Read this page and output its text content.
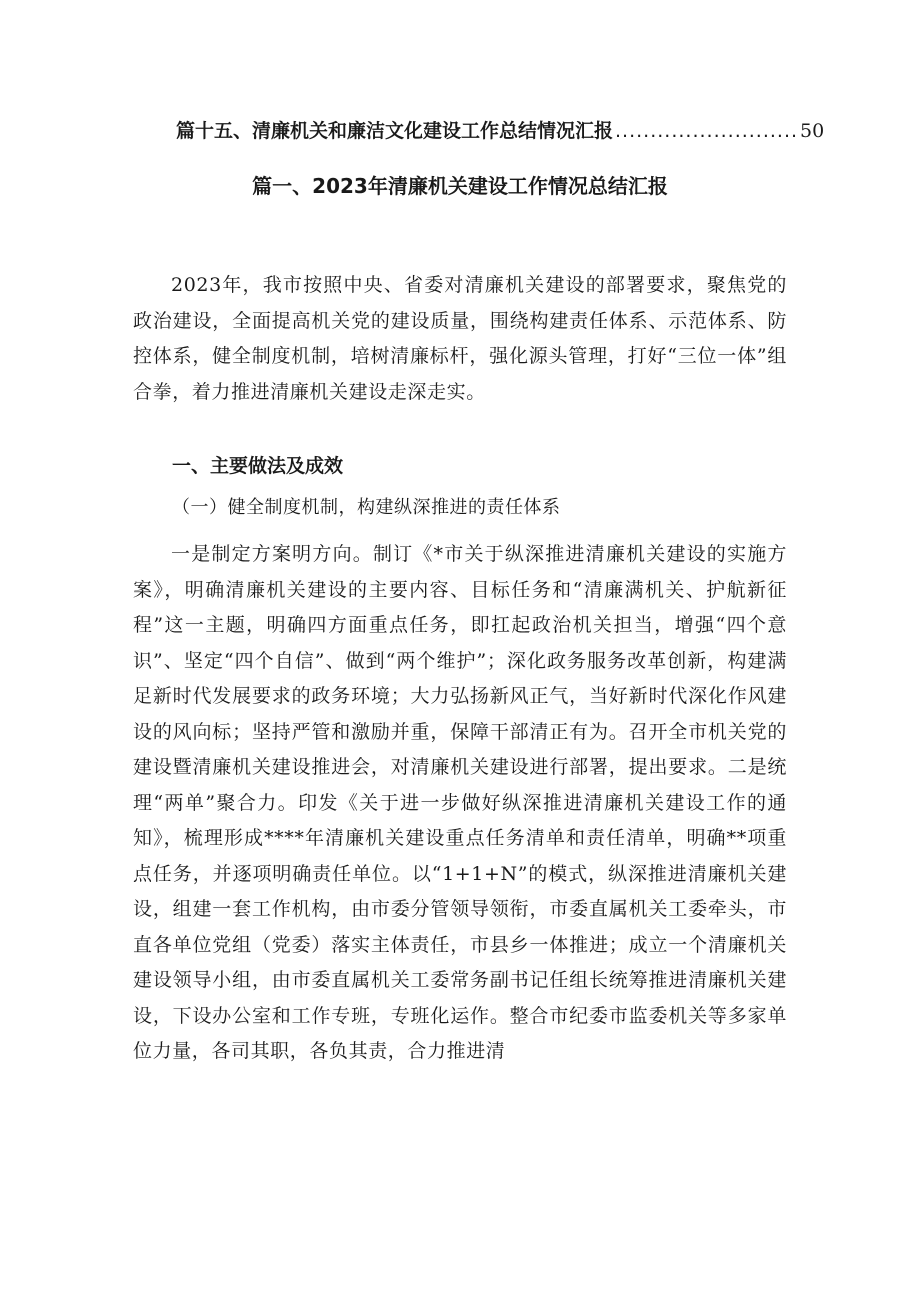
篇十五、清廉机关和廉洁文化建设工作总结情况汇报 .......................... 50
篇一、2023年清廉机关建设工作情况总结汇报

2023年，我市按照中央、省委对清廉机关建设的部署要求，聚焦党的政治建设，全面提高机关党的建设质量，围绕构建责任体系、示范体系、防控体系，健全制度机制，培树清廉标杆，强化源头管理，打好“三位一体”组合拳，着力推进清廉机关建设走深走实。

一、主要做法及成效
（一）健全制度机制，构建纵深推进的责任体系

一是制定方案明方向。制订《*市关于纵深推进清廉机关建设的实施方案》，明确清廉机关建设的主要内容、目标任务和“清廉满机关、护航新征程”这一主题，明确四方面重点任务，即扛起政治机关担当，增强“四个意识”、坚定“四个自信”、做到“两个维护”；深化政务服务改革创新，构建满足新时代发展要求的政务环境；大力弘扬新风正气，当好新时代深化作风建设的风向标；坚持严管和激励并重，保障干部清正有为。召开全市机关党的建设暨清廉机关建设推进会，对清廉机关建设进行部署，提出要求。二是统理“两单”聚合力。印发《关于进一步做好纵深推进清廉机关建设工作的通知》，梳理形成****年清廉机关建设重点任务清单和责任清单，明确**项重点任务，并逐项明确责任单位。以“1+1+N”的模式，纵深推进清廉机关建设，组建一套工作机构，由市委分管领导领衔，市委直属机关工委牵头，市直各单位党组（党委）落实主体责任，市县乡一体推进；成立一个清廉机关建设领导小组，由市委直属机关工委常务副书记任组长统筹推进清廉机关建设，下设办公室和工作专班，专班化运作。整合市纪委市监委机关等多家单位力量，各司其职，各负其责，合力推进清
